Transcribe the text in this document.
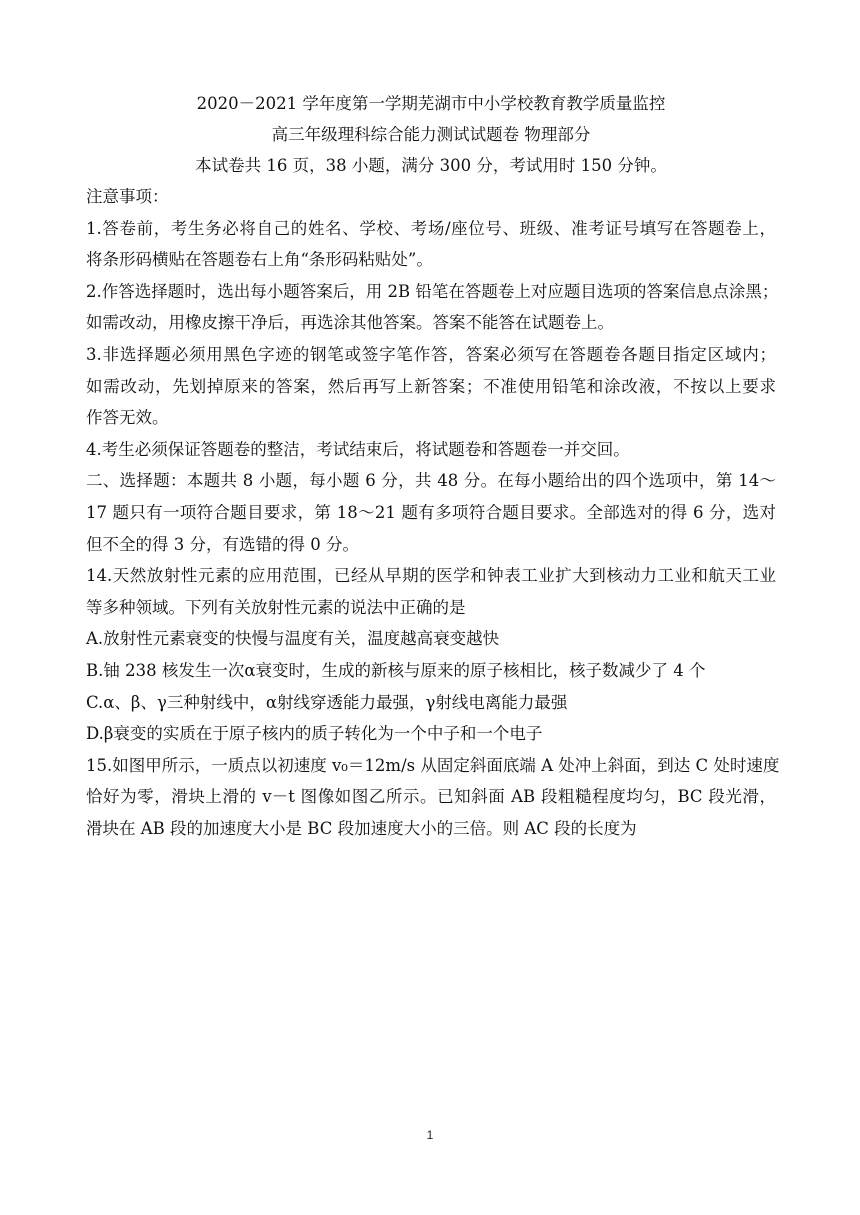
2020－2021 学年度第一学期芜湖市中小学校教育教学质量监控

高三年级理科综合能力测试试题卷 物理部分

本试卷共 16 页，38 小题，满分 300 分，考试用时 150 分钟。

注意事项：

1.答卷前，考生务必将自己的姓名、学校、考场/座位号、班级、准考证号填写在答题卷上，

将条形码横贴在答题卷右上角“条形码粘贴处”。

2.作答选择题时，选出每小题答案后，用 2B 铅笔在答题卷上对应题目选项的答案信息点涂黑；

如需改动，用橡皮擦干净后，再选涂其他答案。答案不能答在试题卷上。

3.非选择题必须用黑色字迹的钢笔或签字笔作答，答案必须写在答题卷各题目指定区域内；

如需改动，先划掉原来的答案，然后再写上新答案；不准使用铅笔和涂改液，不按以上要求

作答无效。

4.考生必须保证答题卷的整洁，考试结束后，将试题卷和答题卷一并交回。

二、选择题：本题共 8 小题，每小题 6 分，共 48 分。在每小题给出的四个选项中，第 14～

17 题只有一项符合题目要求，第 18～21 题有多项符合题目要求。全部选对的得 6 分，选对

但不全的得 3 分，有选错的得 0 分。

14.天然放射性元素的应用范围，已经从早期的医学和钟表工业扩大到核动力工业和航天工业

等多种领域。下列有关放射性元素的说法中正确的是

A.放射性元素衰变的快慢与温度有关，温度越高衰变越快

B.铀 238 核发生一次α衰变时，生成的新核与原来的原子核相比，核子数减少了 4 个

C.α、β、γ三种射线中，α射线穿透能力最强，γ射线电离能力最强

D.β衰变的实质在于原子核内的质子转化为一个中子和一个电子

15.如图甲所示，一质点以初速度 v₀＝12m/s 从固定斜面底端 A 处冲上斜面，到达 C 处时速度

恰好为零，滑块上滑的 v－t 图像如图乙所示。已知斜面 AB 段粗糙程度均匀，BC 段光滑，

滑块在 AB 段的加速度大小是 BC 段加速度大小的三倍。则 AC 段的长度为

1
